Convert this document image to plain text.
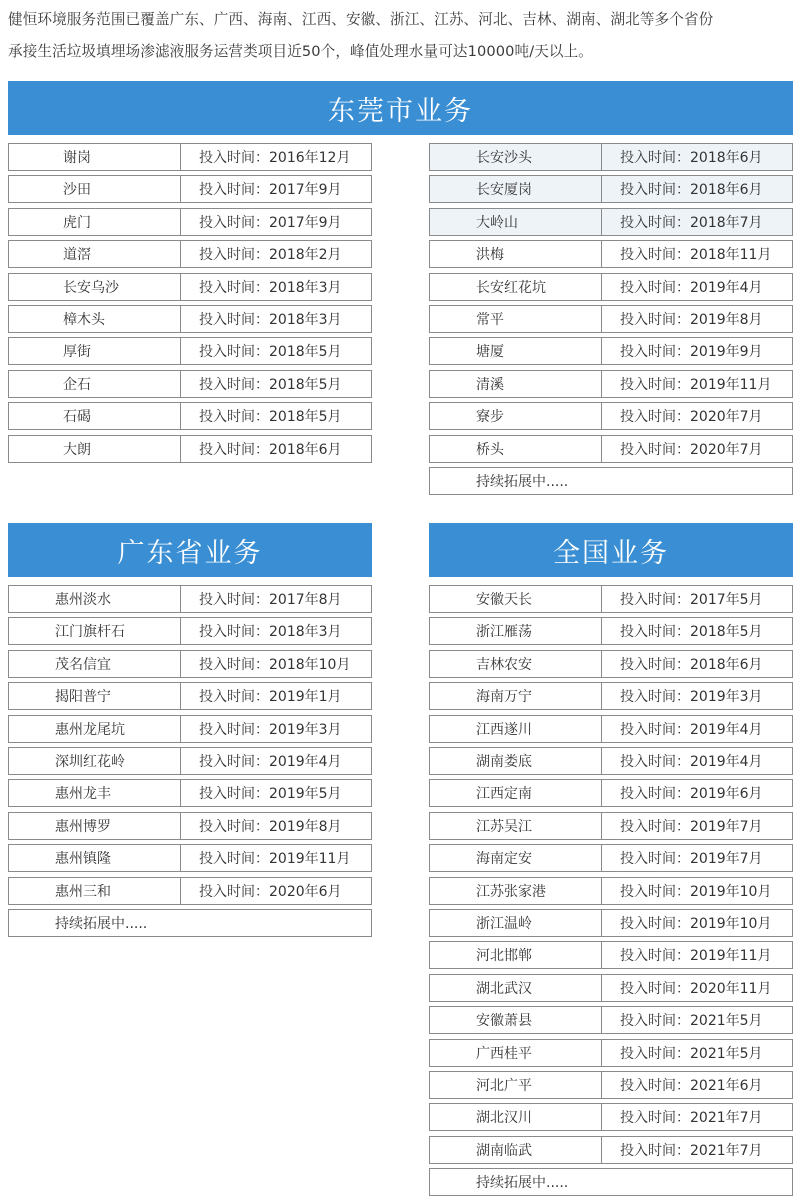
健恒环境服务范围已覆盖广东、广西、海南、江西、安徽、浙江、江苏、河北、吉林、湖南、湖北等多个省份
承接生活垃圾填埋场渗滤液服务运营类项目近50个，峰值处理水量可达10000吨/天以上。
东莞市业务
谢岗	投入时间：2016年12月
沙田	投入时间：2017年9月
虎门	投入时间：2017年9月
道滘	投入时间：2018年2月
长安乌沙	投入时间：2018年3月
樟木头	投入时间：2018年3月
厚街	投入时间：2018年5月
企石	投入时间：2018年5月
石碣	投入时间：2018年5月
大朗	投入时间：2018年6月
长安沙头	投入时间：2018年6月
长安厦岗	投入时间：2018年6月
大岭山	投入时间：2018年7月
洪梅	投入时间：2018年11月
长安红花坑	投入时间：2019年4月
常平	投入时间：2019年8月
塘厦	投入时间：2019年9月
清溪	投入时间：2019年11月
寮步	投入时间：2020年7月
桥头	投入时间：2020年7月
持续拓展中.....
广东省业务
惠州淡水	投入时间：2017年8月
江门旗杆石	投入时间：2018年3月
茂名信宜	投入时间：2018年10月
揭阳普宁	投入时间：2019年1月
惠州龙尾坑	投入时间：2019年3月
深圳红花岭	投入时间：2019年4月
惠州龙丰	投入时间：2019年5月
惠州博罗	投入时间：2019年8月
惠州镇隆	投入时间：2019年11月
惠州三和	投入时间：2020年6月
持续拓展中.....
全国业务
安徽天长	投入时间：2017年5月
浙江雁荡	投入时间：2018年5月
吉林农安	投入时间：2018年6月
海南万宁	投入时间：2019年3月
江西遂川	投入时间：2019年4月
湖南娄底	投入时间：2019年4月
江西定南	投入时间：2019年6月
江苏吴江	投入时间：2019年7月
海南定安	投入时间：2019年7月
江苏张家港	投入时间：2019年10月
浙江温岭	投入时间：2019年10月
河北邯郸	投入时间：2019年11月
湖北武汉	投入时间：2020年11月
安徽萧县	投入时间：2021年5月
广西桂平	投入时间：2021年5月
河北广平	投入时间：2021年6月
湖北汉川	投入时间：2021年7月
湖南临武	投入时间：2021年7月
持续拓展中.....
